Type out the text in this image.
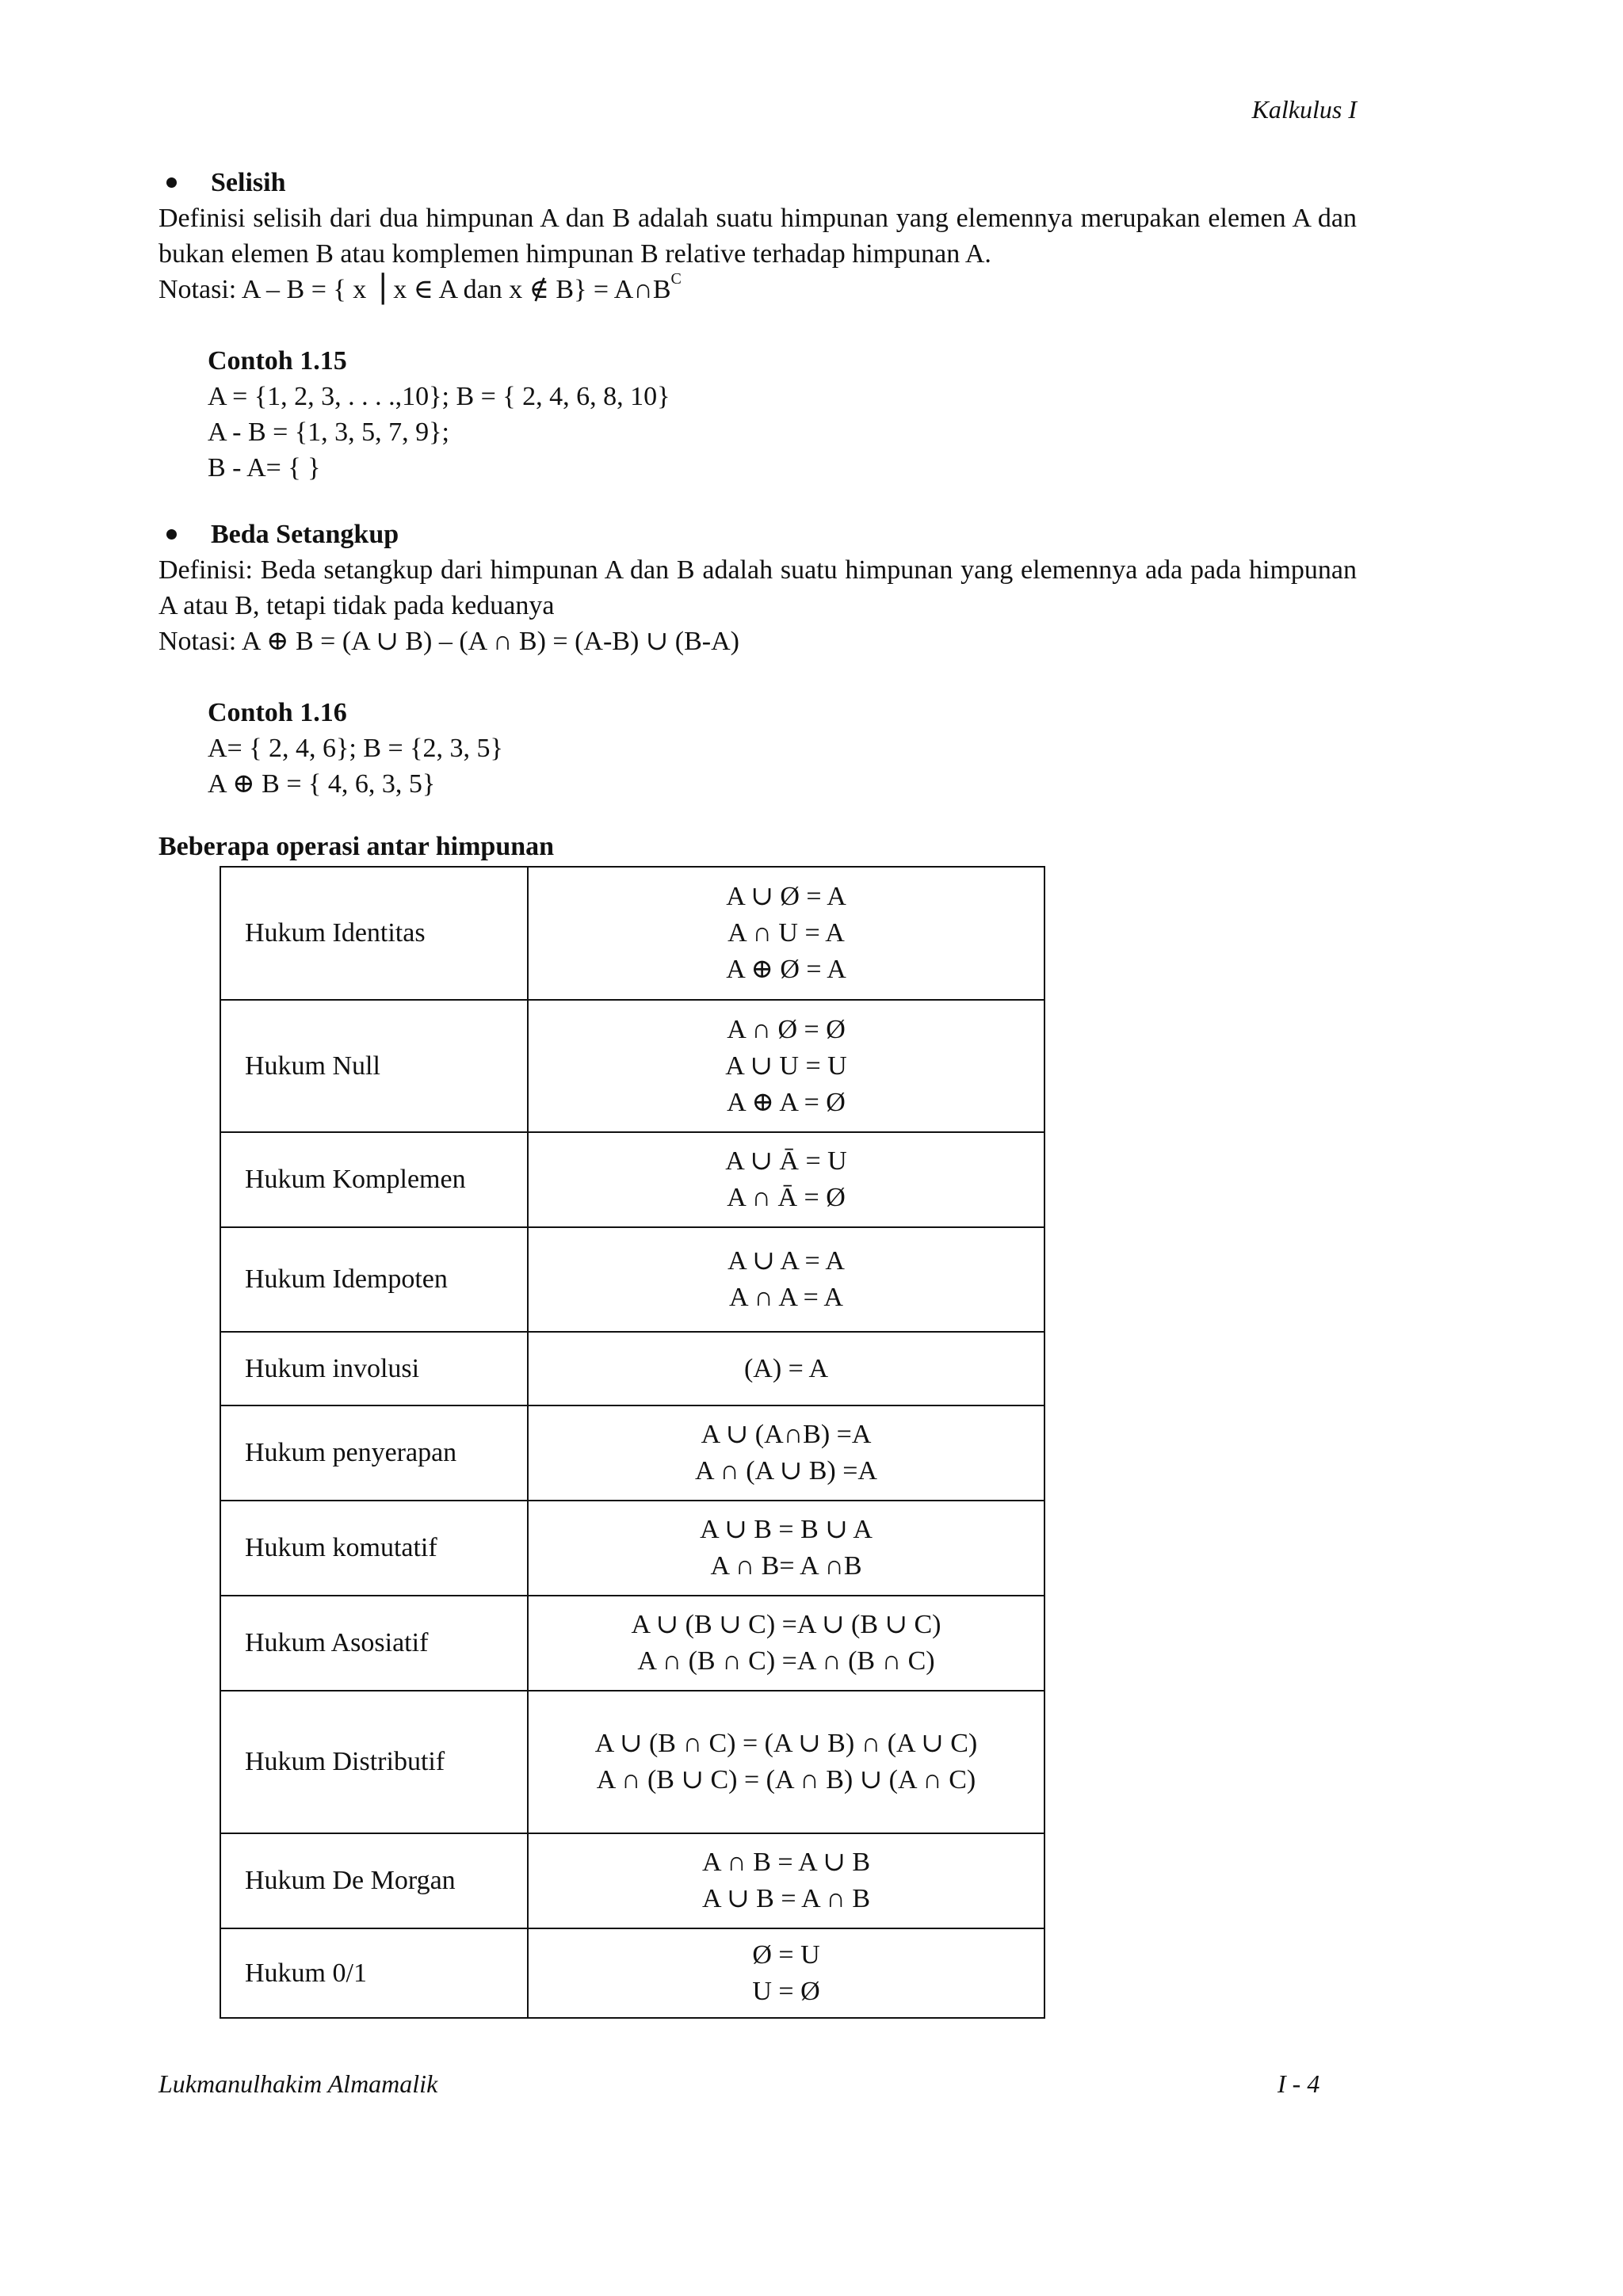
Kalkulus I
Selisih
Definisi selisih dari dua himpunan A dan B adalah suatu himpunan yang elemennya merupakan elemen A dan bukan elemen B atau komplemen himpunan B relative terhadap himpunan A.
Notasi: A – B = { x ⎥ x ∈ A dan x ∉ $B\} = A\cap B^C$
Contoh 1.15
A = {1, 2, 3, . . . .,10}; B = { 2, 4, 6, 8, 10}
A - B = {1, 3, 5, 7, 9};
B - A= { }
Beda Setangkup
Definisi: Beda setangkup dari himpunan A dan B adalah suatu himpunan yang elemennya ada pada himpunan A atau B, tetapi tidak pada keduanya
Notasi: A ⊕ B = (A ∪ B) – (A ∩ B) = (A-B) ∪ (B-A)
Contoh 1.16
A= { 2, 4, 6}; B = {2, 3, 5}
A ⊕ B = { 4, 6, 3, 5}
Beberapa operasi antar himpunan
Hukum Identitas	A ∪ Ø = A
A ∩ U = A
A ⊕ Ø = A

Hukum Null	A ∩ Ø = Ø
A ∪ U = U
A ⊕ A = Ø

Hukum Komplemen	A ∪ Ā = U
A ∩ Ā = Ø

Hukum Idempoten	A ∪ A = A
A ∩ A = A

Hukum involusi	(A) = A

Hukum penyerapan	A ∪ (A∩B) =A
A ∩ (A ∪ B) =A

Hukum komutatif	A ∪ B = B ∪ A
A ∩ B= A ∩B

Hukum Asosiatif	A ∪ (B ∪ C) =A ∪ (B ∪ C)
A ∩ (B ∩ C) =A ∩ (B ∩ C)

Hukum Distributif	A ∪ (B ∩ C) = (A ∪ B) ∩ (A ∪ C)
A ∩ (B ∪ C) = (A ∩ B) ∪ (A ∩ C)

Hukum De Morgan	A ∩ B = A ∪ B
A ∪ B = A ∩ B

Hukum 0/1	Ø = U
U = Ø
Lukmanulhakim Almamalik	I - 4
